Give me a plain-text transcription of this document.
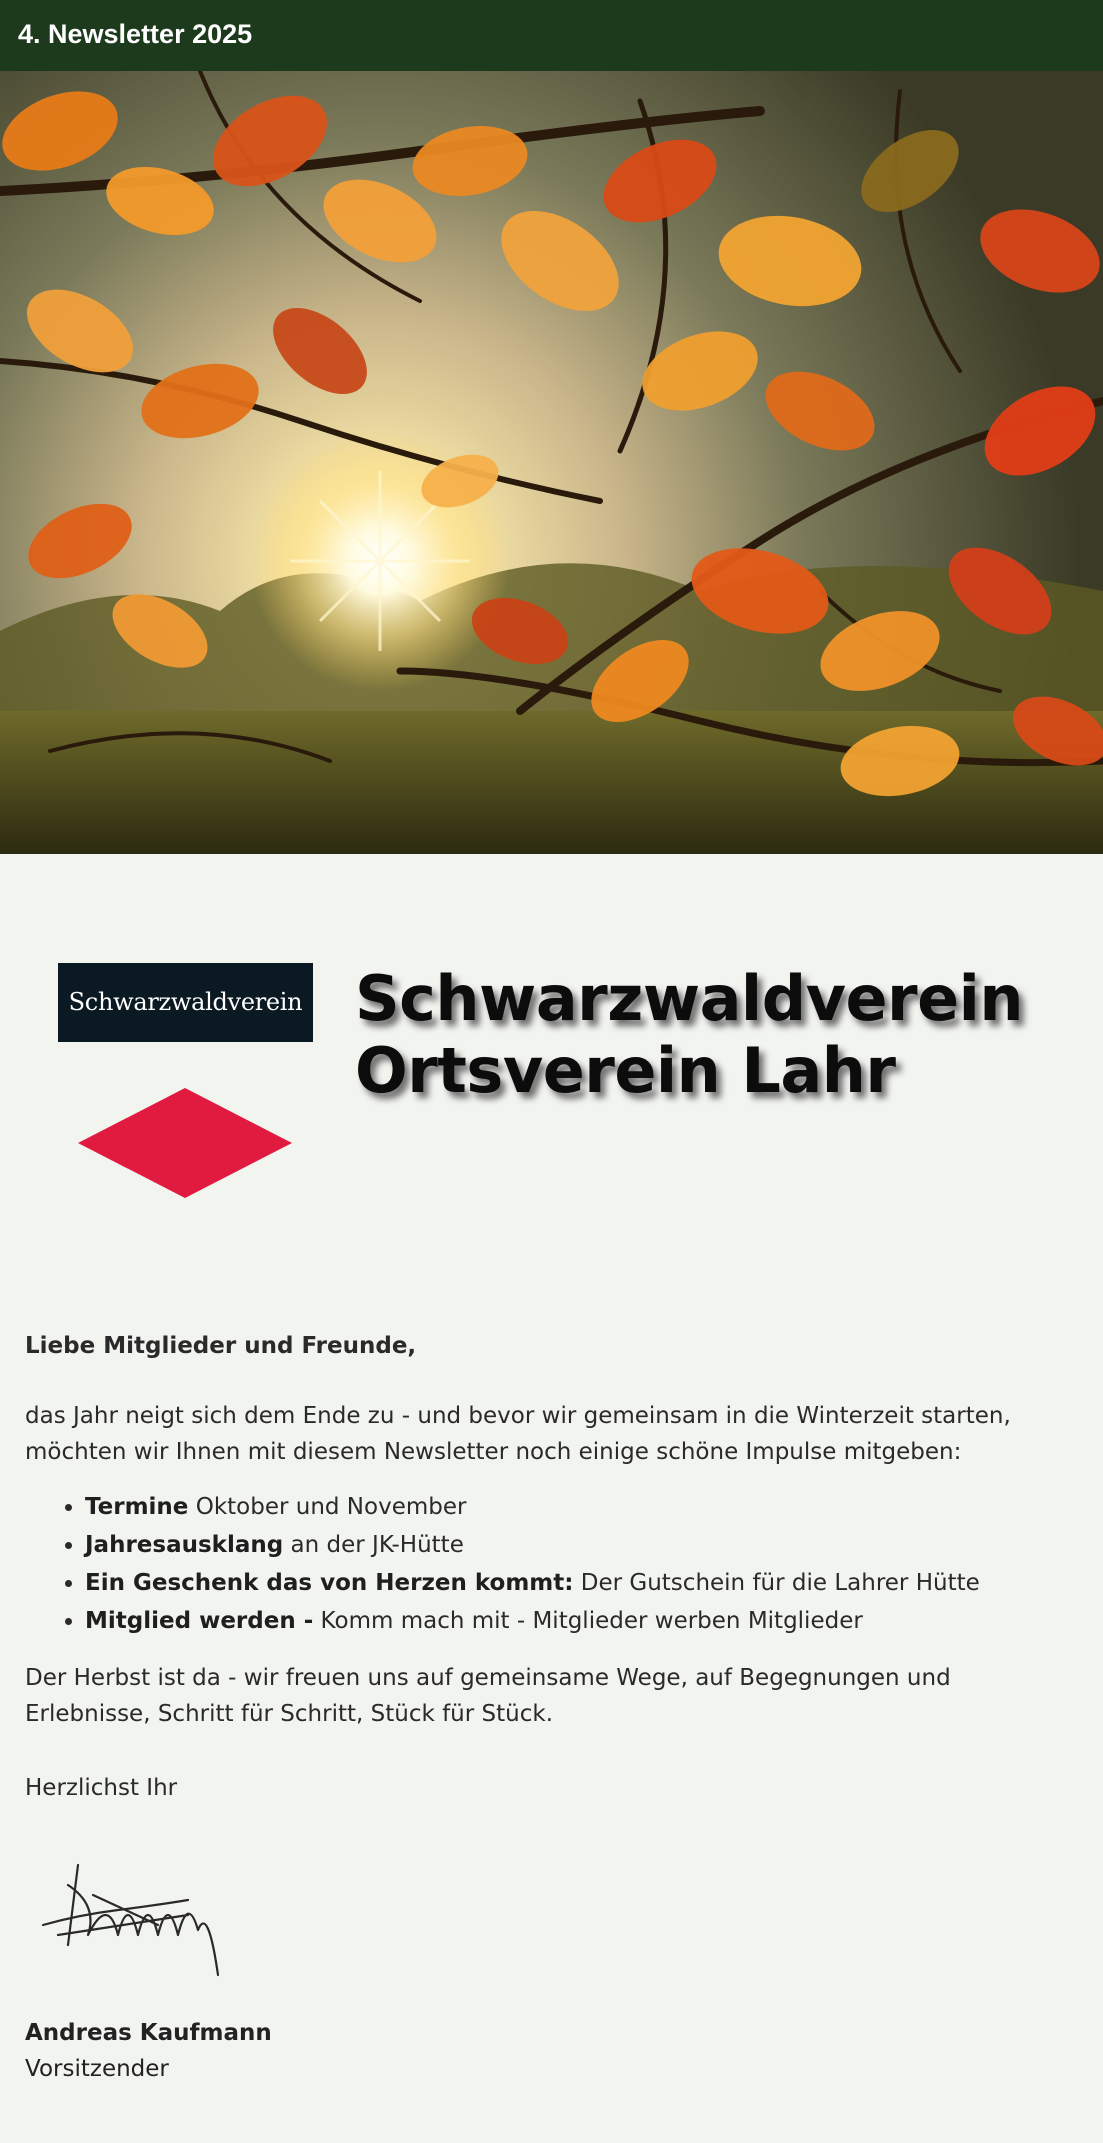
4. Newsletter 2025
Schwarzwaldverein Schwarzwaldverein
Ortsverein Lahr

Liebe Mitglieder und Freunde,

das Jahr neigt sich dem Ende zu - und bevor wir gemeinsam in die Winterzeit starten, möchten wir Ihnen mit diesem Newsletter noch einige schöne Impulse mitgeben:

• Termine Oktober und November
• Jahresausklang an der JK-Hütte
• Ein Geschenk das von Herzen kommt: Der Gutschein für die Lahrer Hütte
• Mitglied werden - Komm mach mit - Mitglieder werben Mitglieder

Der Herbst ist da - wir freuen uns auf gemeinsame Wege, auf Begegnungen und Erlebnisse, Schritt für Schritt, Stück für Stück.

Herzlichst Ihr

Andreas Kaufmann
Vorsitzender
